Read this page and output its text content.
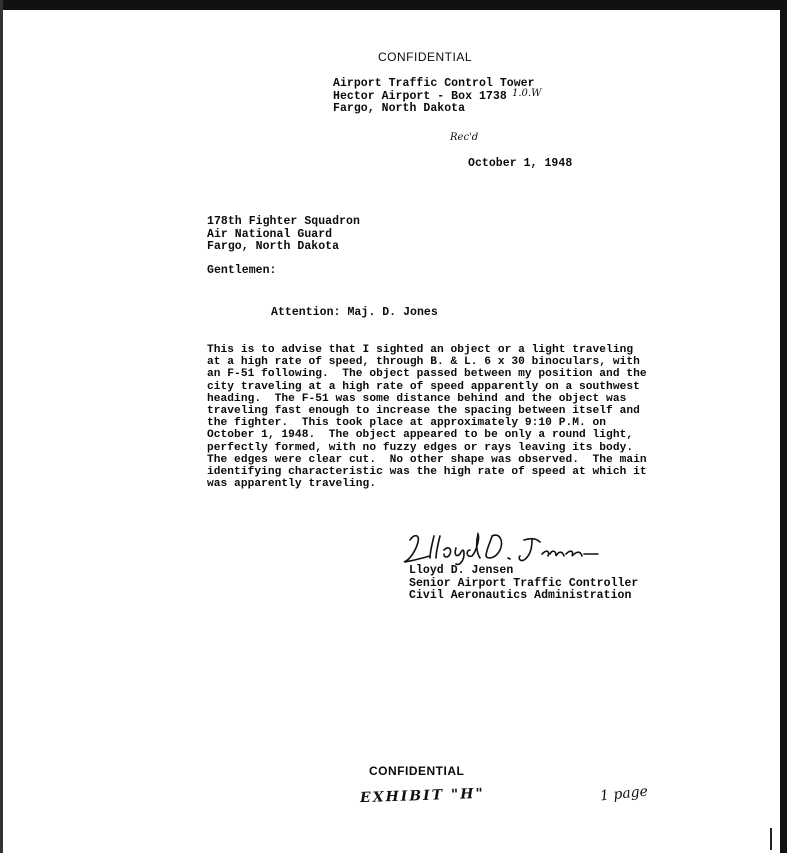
CONFIDENTIAL
Airport Traffic Control Tower
Hector Airport - Box 1738
Fargo, North Dakota
1.0.W
Rec'd
October 1, 1948
178th Fighter Squadron
Air National Guard
Fargo, North Dakota
Gentlemen:
Attention: Maj. D. Jones
This is to advise that I sighted an object or a light traveling
at a high rate of speed, through B. & L. 6 x 30 binoculars, with
an F-51 following.  The object passed between my position and the
city traveling at a high rate of speed apparently on a southwest
heading.  The F-51 was some distance behind and the object was
traveling fast enough to increase the spacing between itself and
the fighter.  This took place at approximately 9:10 P.M. on
October 1, 1948.  The object appeared to be only a round light,
perfectly formed, with no fuzzy edges or rays leaving its body.
The edges were clear cut.  No other shape was observed.  The main
identifying characteristic was the high rate of speed at which it
was apparently traveling.
Lloyd D. Jensen
Lloyd D. Jensen
Senior Airport Traffic Controller
Civil Aeronautics Administration
CONFIDENTIAL
EXHIBIT "H"	1 page
